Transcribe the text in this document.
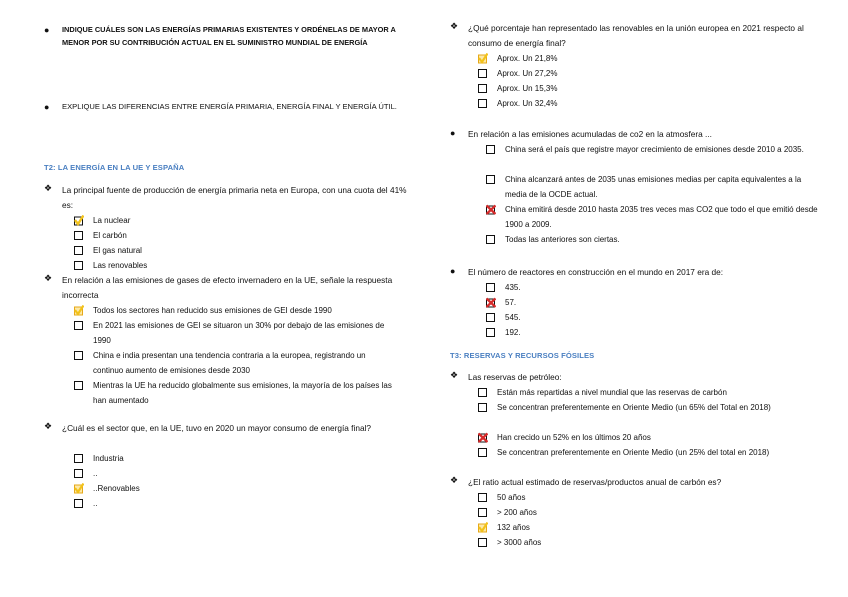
●	INDIQUE CUÁLES SON LAS ENERGÍAS PRIMARIAS EXISTENTES Y ORDÉNELAS DE MAYOR A MENOR POR SU CONTRIBUCIÓN ACTUAL EN EL SUMINISTRO MUNDIAL DE ENERGÍA
●	EXPLIQUE LAS DIFERENCIAS ENTRE ENERGÍA PRIMARIA, ENERGÍA FINAL Y ENERGÍA ÚTIL.
T2: LA ENERGÍA EN LA UE Y ESPAÑA
❖	La principal fuente de producción de energía primaria neta en Europa, con una cuota del 41% es:
La nuclear
El carbón
El gas natural
Las renovables
❖	En relación a las emisiones de gases de efecto invernadero en la UE, señale la respuesta incorrecta
Todos los sectores han reducido sus emisiones de GEI desde 1990
En 2021 las emisiones de GEI se situaron un 30% por debajo de las emisiones de 1990
China e india presentan una tendencia contraria a la europea, registrando un continuo aumento de emisiones desde 2030
Mientras la UE ha reducido globalmente sus emisiones, la mayoría de los países las han aumentado
❖	¿Cuál es el sector que, en la UE, tuvo en 2020 un mayor consumo de energía final?
Industria
..
..Renovables
..
❖	¿Qué porcentaje han representado las renovables en la unión europea en 2021 respecto al consumo de energía final?
Aprox. Un 21,8%
Aprox. Un 27,2%
Aprox. Un 15,3%
Aprox. Un 32,4%
●	En relación a las emisiones acumuladas de co2 en la atmosfera ...
China será el país que registre mayor crecimiento de emisiones desde 2010 a 2035.
China alcanzará antes de 2035 unas emisiones medias per capita equivalentes a la media de la OCDE actual.
China emitirá desde 2010 hasta 2035 tres veces mas CO2 que todo el que emitió desde 1900 a 2009.
Todas las anteriores son ciertas.
●	El número de reactores en construcción en el mundo en 2017 era de:
435.
57.
545.
192.
T3: RESERVAS Y RECURSOS FÓSILES
❖	Las reservas de petróleo:
Están más repartidas a nivel mundial que las reservas de carbón
Se concentran preferentemente en Oriente Medio (un 65% del Total en 2018)
Han crecido un 52% en los últimos 20 años
Se concentran preferentemente en Oriente Medio (un 25% del total en 2018)
❖	¿El ratio actual estimado de reservas/productos anual de carbón es?
50 años
> 200 años
132 años
> 3000 años
